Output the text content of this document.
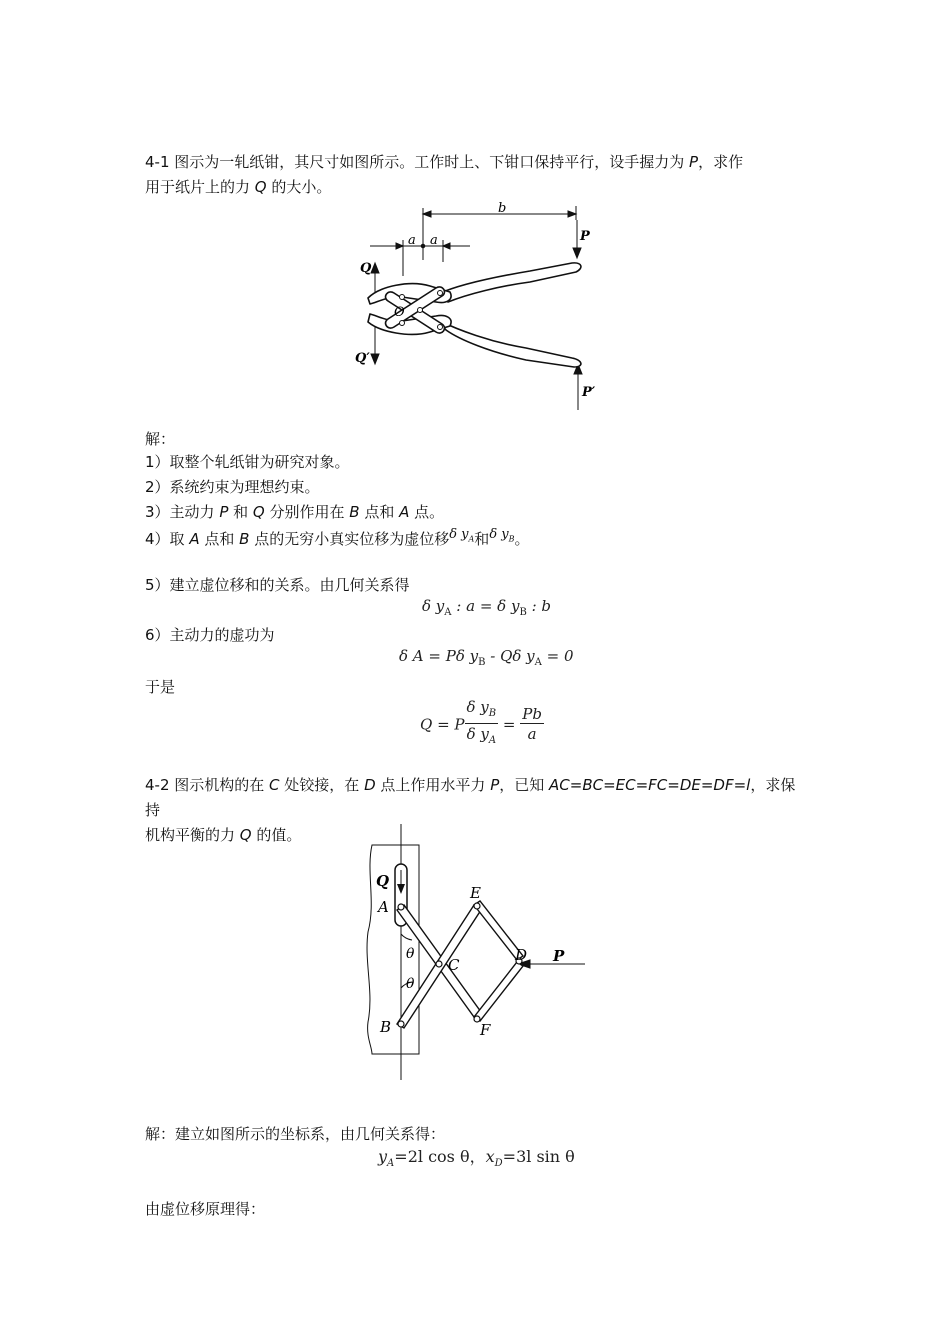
4-1 图示为一轧纸钳，其尺寸如图所示。工作时上、下钳口保持平行，设手握力为 P，求作
用于纸片上的力 Q 的大小。
b
a a	P
Q
O
Q′
P′
解：
1）取整个轧纸钳为研究对象。
2）系统约束为理想约束。
3）主动力 P 和 Q 分别作用在 B 点和 A 点。
4）取 A 点和 B 点的无穷小真实位移为虚位移δ $y_A$和δ $y_B$。
5）建立虚位移和的关系。由几何关系得
δ $y_A$ : a = δ $y_B$ : b
6）主动力的虚功为
δ A = Pδ $y_B$ - Qδ $y_A = 0$
于是
Q = P $\frac{\delta y_B}{\delta y_A} = \frac{Pb}{a}$
4-2 图示机构的在 C 处铰接，在 D 点上作用水平力 P，已知 AC=BC=EC=FC=DE=DF=l，求保持
机构平衡的力 Q 的值。
Q
A
E
θ
C
D P
θ
B	F
解：建立如图所示的坐标系，由几何关系得：
$y_A=2l$ cos θ，$x_D=3l$ sin θ
由虚位移原理得：
